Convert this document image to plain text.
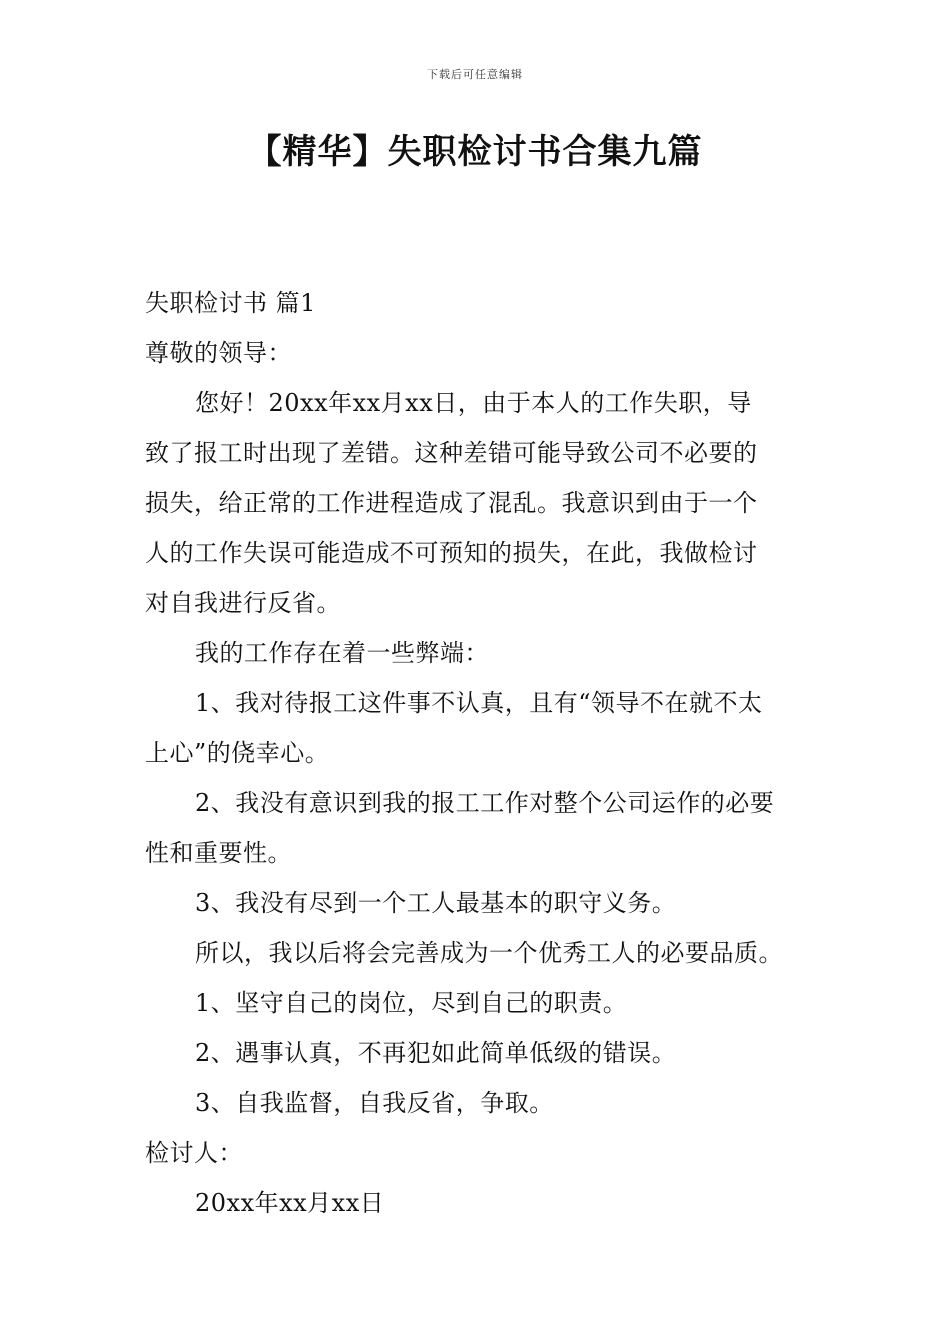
下载后可任意编辑
【精华】失职检讨书合集九篇
失职检讨书 篇1
尊敬的领导：
您好！20xx年xx月xx日，由于本人的工作失职，导
致了报工时出现了差错。这种差错可能导致公司不必要的
损失，给正常的工作进程造成了混乱。我意识到由于一个
人的工作失误可能造成不可预知的损失，在此，我做检讨
对自我进行反省。
我的工作存在着一些弊端：
1、我对待报工这件事不认真，且有“领导不在就不太
上心”的侥幸心。
2、我没有意识到我的报工工作对整个公司运作的必要
性和重要性。
3、我没有尽到一个工人最基本的职守义务。
所以，我以后将会完善成为一个优秀工人的必要品质。
1、坚守自己的岗位，尽到自己的职责。
2、遇事认真，不再犯如此简单低级的错误。
3、自我监督，自我反省，争取。
检讨人：
20xx年xx月xx日
